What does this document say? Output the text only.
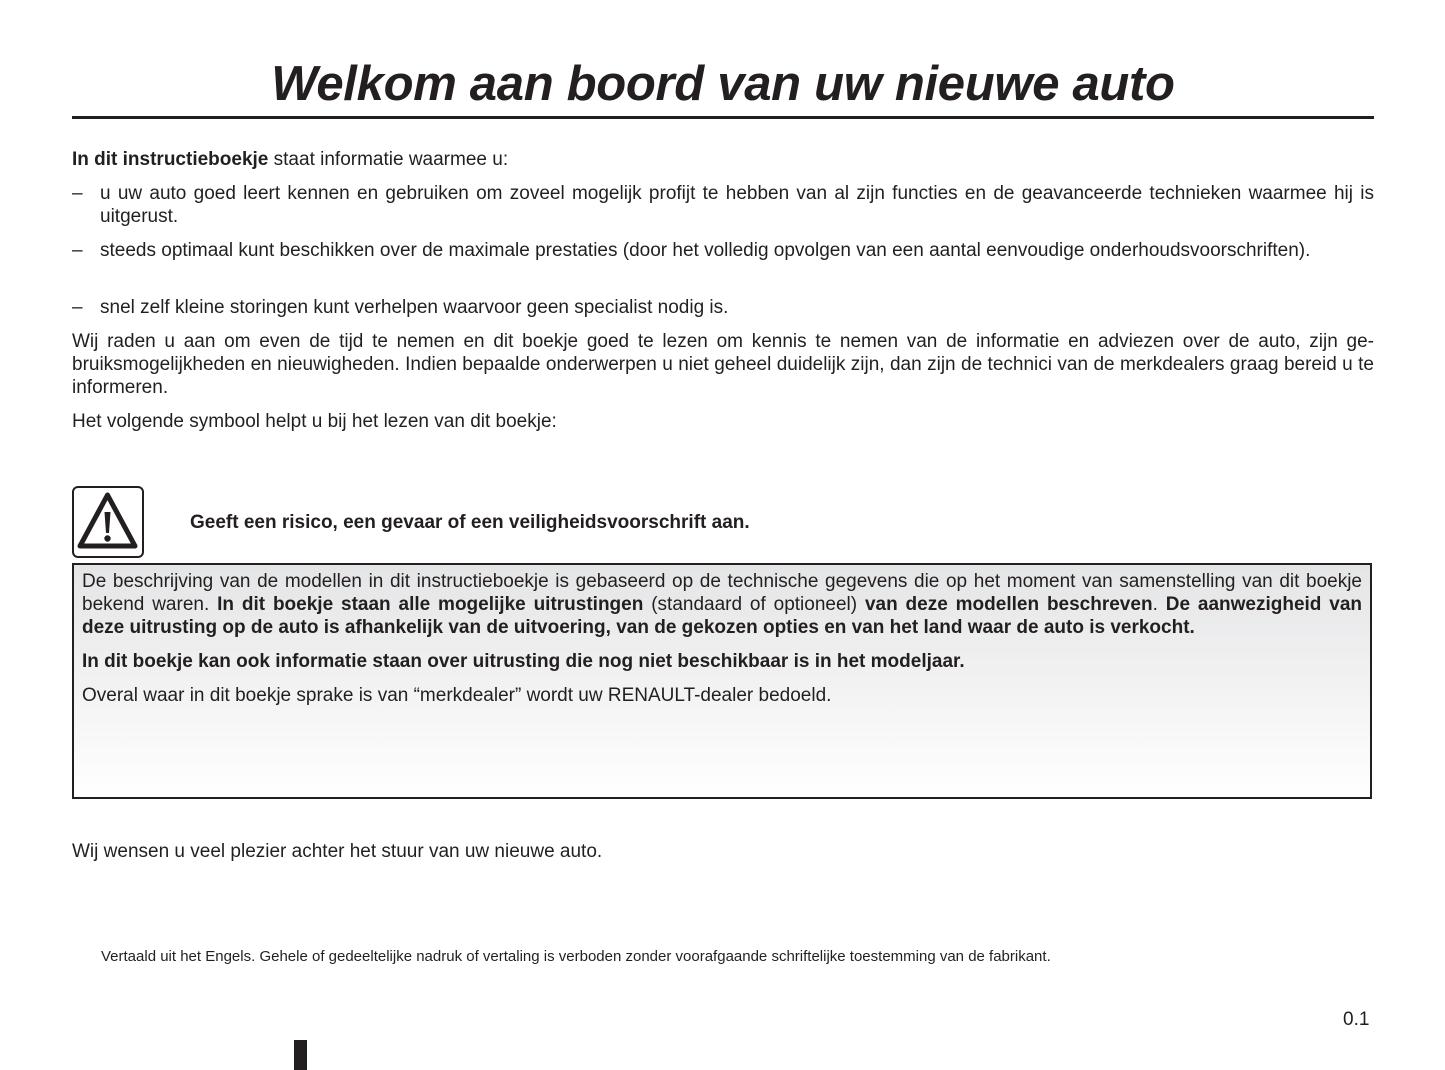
Welkom aan boord van uw nieuwe auto

In dit instructieboekje staat informatie waarmee u:

– u uw auto goed leert kennen en gebruiken om zoveel mogelijk profijt te hebben van al zijn functies en de geavanceerde technieken waarmee hij is uitgerust.
– steeds optimaal kunt beschikken over de maximale prestaties (door het volledig opvolgen van een aantal eenvoudige onderhoudsvoorschriften).
– snel zelf kleine storingen kunt verhelpen waarvoor geen specialist nodig is.

Wij raden u aan om even de tijd te nemen en dit boekje goed te lezen om kennis te nemen van de informatie en adviezen over de auto, zijn gebruiksmogelijkheden en nieuwigheden. Indien bepaalde onderwerpen u niet geheel duidelijk zijn, dan zijn de technici van de merkdealers graag bereid u te informeren.

Het volgende symbool helpt u bij het lezen van dit boekje:

Geeft een risico, een gevaar of een veiligheidsvoorschrift aan.

De beschrijving van de modellen in dit instructieboekje is gebaseerd op de technische gegevens die op het moment van samenstelling van dit boekje bekend waren. In dit boekje staan alle mogelijke uitrustingen (standaard of optioneel) van deze modellen beschreven. De aanwezigheid van deze uitrusting op de auto is afhankelijk van de uitvoering, van de gekozen opties en van het land waar de auto is verkocht.

In dit boekje kan ook informatie staan over uitrusting die nog niet beschikbaar is in het modeljaar.

Overal waar in dit boekje sprake is van “merkdealer” wordt uw RENAULT-dealer bedoeld.

Wij wensen u veel plezier achter het stuur van uw nieuwe auto.

Vertaald uit het Engels. Gehele of gedeeltelijke nadruk of vertaling is verboden zonder voorafgaande schriftelijke toestemming van de fabrikant.
0.1
